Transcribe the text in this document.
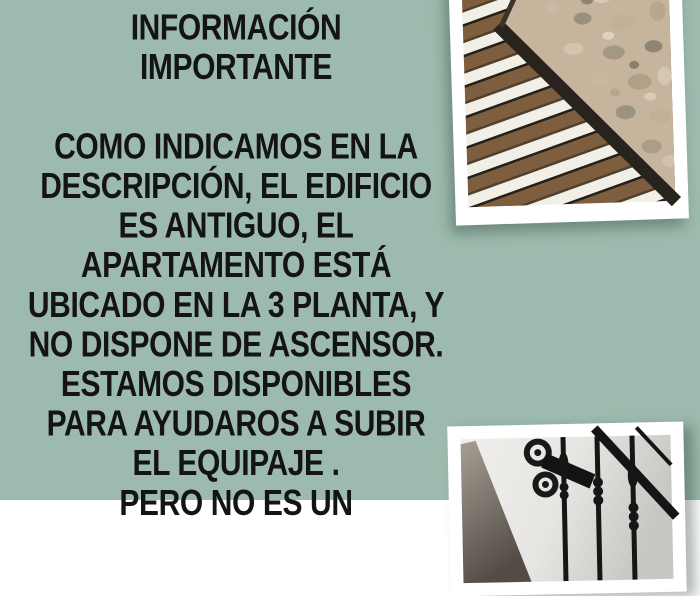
INFORMACIÓN
IMPORTANTE
COMO INDICAMOS EN LA
DESCRIPCIÓN, EL EDIFICIO
ES ANTIGUO, EL
APARTAMENTO ESTÁ
UBICADO EN LA 3 PLANTA, Y
NO DISPONE DE ASCENSOR.
ESTAMOS DISPONIBLES
PARA AYUDAROS A SUBIR
EL EQUIPAJE .
PERO NO ES UN
